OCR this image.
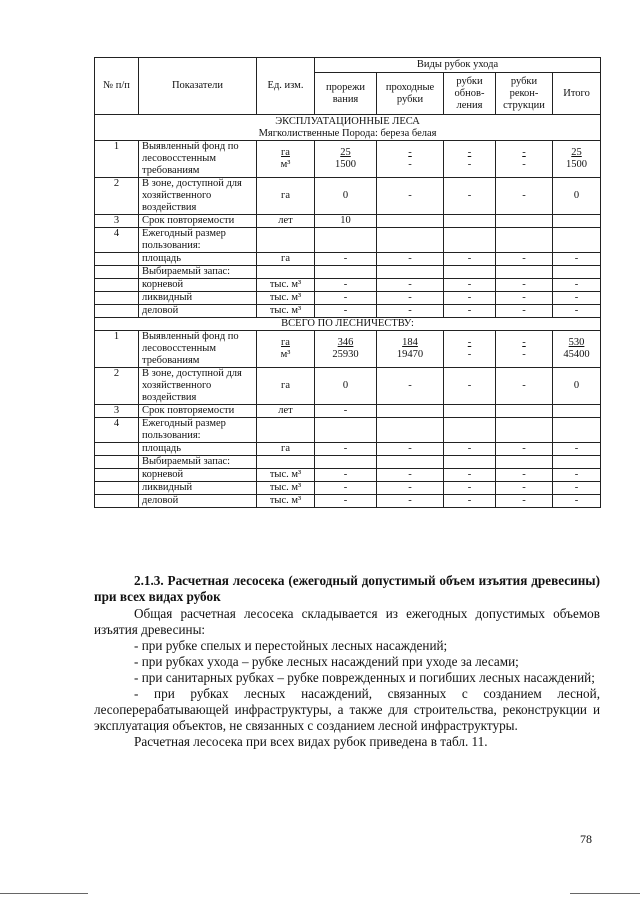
№ п/п	Показатели	Ед. изм.	Виды рубок ухода				
			прорежи вания	проходные рубки	рубки обнов- ления	рубки рекон- струкции	Итого

ЭКСПЛУАТАЦИОННЫЕ ЛЕСА
Мягколиственные Порода: береза белая							

1	Выявленный фонд по лесовосстенным требованиям	$\frac{га}{\text{м³}}$	$\frac{25}{1500}$	$\frac{-}{-}$	$\frac{-}{-}$	$\frac{-}{-}$	$\frac{25}{1500}$

2	В зоне, доступной для хозяйственного воздействия	га	0	-	-	-	0
3	Срок повторяемости	лет	10				
4	Ежегодный размер пользования:						
	площадь	га	-	-	-	-	-
	Выбираемый запас:						
	корневой	тыс. м³	-	-	-	-	-
	ликвидный	тыс. м³	-	-	-	-	-
	деловой	тыс. м³	-	-	-	-	-

ВСЕГО ПО ЛЕСНИЧЕСТВУ:							

1	Выявленный фонд по лесовосстенным требованиям	$\frac{га}{\text{м³}}$	$\frac{346}{25930}$	$\frac{184}{19470}$	$\frac{-}{-}$	$\frac{-}{-}$	$\frac{530}{45400}$

2	В зоне, доступной для хозяйственного воздействия	га	0	-	-	-	0
3	Срок повторяемости	лет	-				
4	Ежегодный размер пользования:						
	площадь	га	-	-	-	-	-
	Выбираемый запас:						
	корневой	тыс. м³	-	-	-	-	-
	ликвидный	тыс. м³	-	-	-	-	-
	деловой	тыс. м³	-	-	-	-	-
2.1.3. Расчетная лесосека (ежегодный допустимый объем изъятия древесины) при всех видах рубок

Общая расчетная лесосека складывается из ежегодных допустимых объемов изъятия древесины:

- при рубке спелых и перестойных лесных насаждений;

- при рубках ухода – рубке лесных насаждений при уходе за лесами;

- при санитарных рубках – рубке поврежденных и погибших лесных насаждений;

- при рубках лесных насаждений, связанных с созданием лесной, лесоперерабатывающей инфраструктуры, а также для строительства, реконструкции и эксплуатация объектов, не связанных с созданием лесной инфраструктуры.

Расчетная лесосека при всех видах рубок приведена в табл. 11.

78
